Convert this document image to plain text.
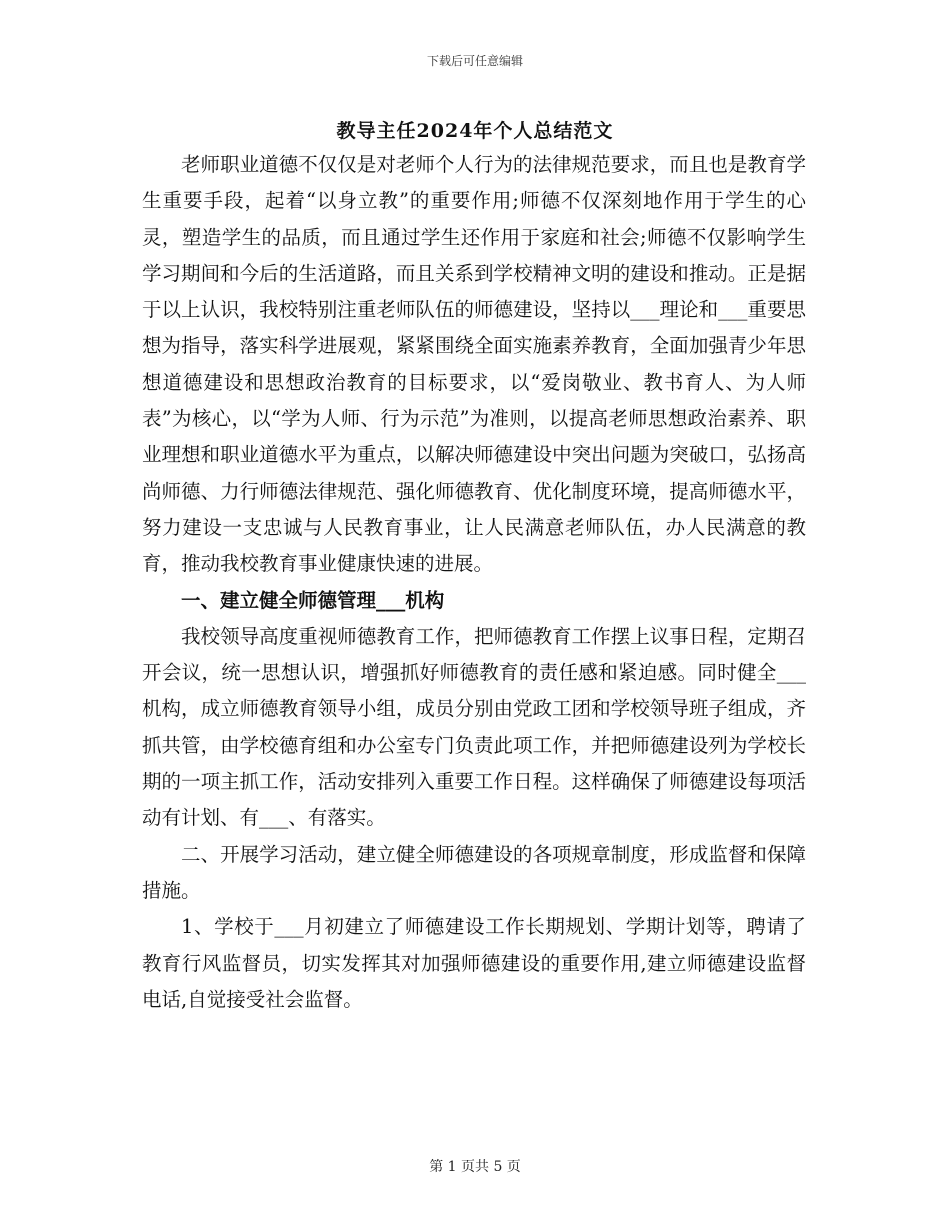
下载后可任意编辑
教导主任2024年个人总结范文

老师职业道德不仅仅是对老师个人行为的法律规范要求，而且也是教育学生重要手段，起着“以身立教”的重要作用;师德不仅深刻地作用于学生的心灵，塑造学生的品质，而且通过学生还作用于家庭和社会;师德不仅影响学生学习期间和今后的生活道路，而且关系到学校精神文明的建设和推动。正是据于以上认识，我校特别注重老师队伍的师德建设，坚持以___理论和___重要思想为指导，落实科学进展观，紧紧围绕全面实施素养教育，全面加强青少年思想道德建设和思想政治教育的目标要求，以“爱岗敬业、教书育人、为人师表”为核心，以“学为人师、行为示范”为准则，以提高老师思想政治素养、职业理想和职业道德水平为重点，以解决师德建设中突出问题为突破口，弘扬高尚师德、力行师德法律规范、强化师德教育、优化制度环境，提高师德水平，努力建设一支忠诚与人民教育事业，让人民满意老师队伍，办人民满意的教育，推动我校教育事业健康快速的进展。

一、建立健全师德管理___机构

我校领导高度重视师德教育工作，把师德教育工作摆上议事日程，定期召开会议，统一思想认识，增强抓好师德教育的责任感和紧迫感。同时健全___机构，成立师德教育领导小组，成员分别由党政工团和学校领导班子组成，齐抓共管，由学校德育组和办公室专门负责此项工作，并把师德建设列为学校长期的一项主抓工作，活动安排列入重要工作日程。这样确保了师德建设每项活动有计划、有___、有落实。

二、开展学习活动，建立健全师德建设的各项规章制度，形成监督和保障措施。

1、学校于___月初建立了师德建设工作长期规划、学期计划等，聘请了教育行风监督员，切实发挥其对加强师德建设的重要作用,建立师德建设监督电话,自觉接受社会监督。

第 1 页共 5 页
